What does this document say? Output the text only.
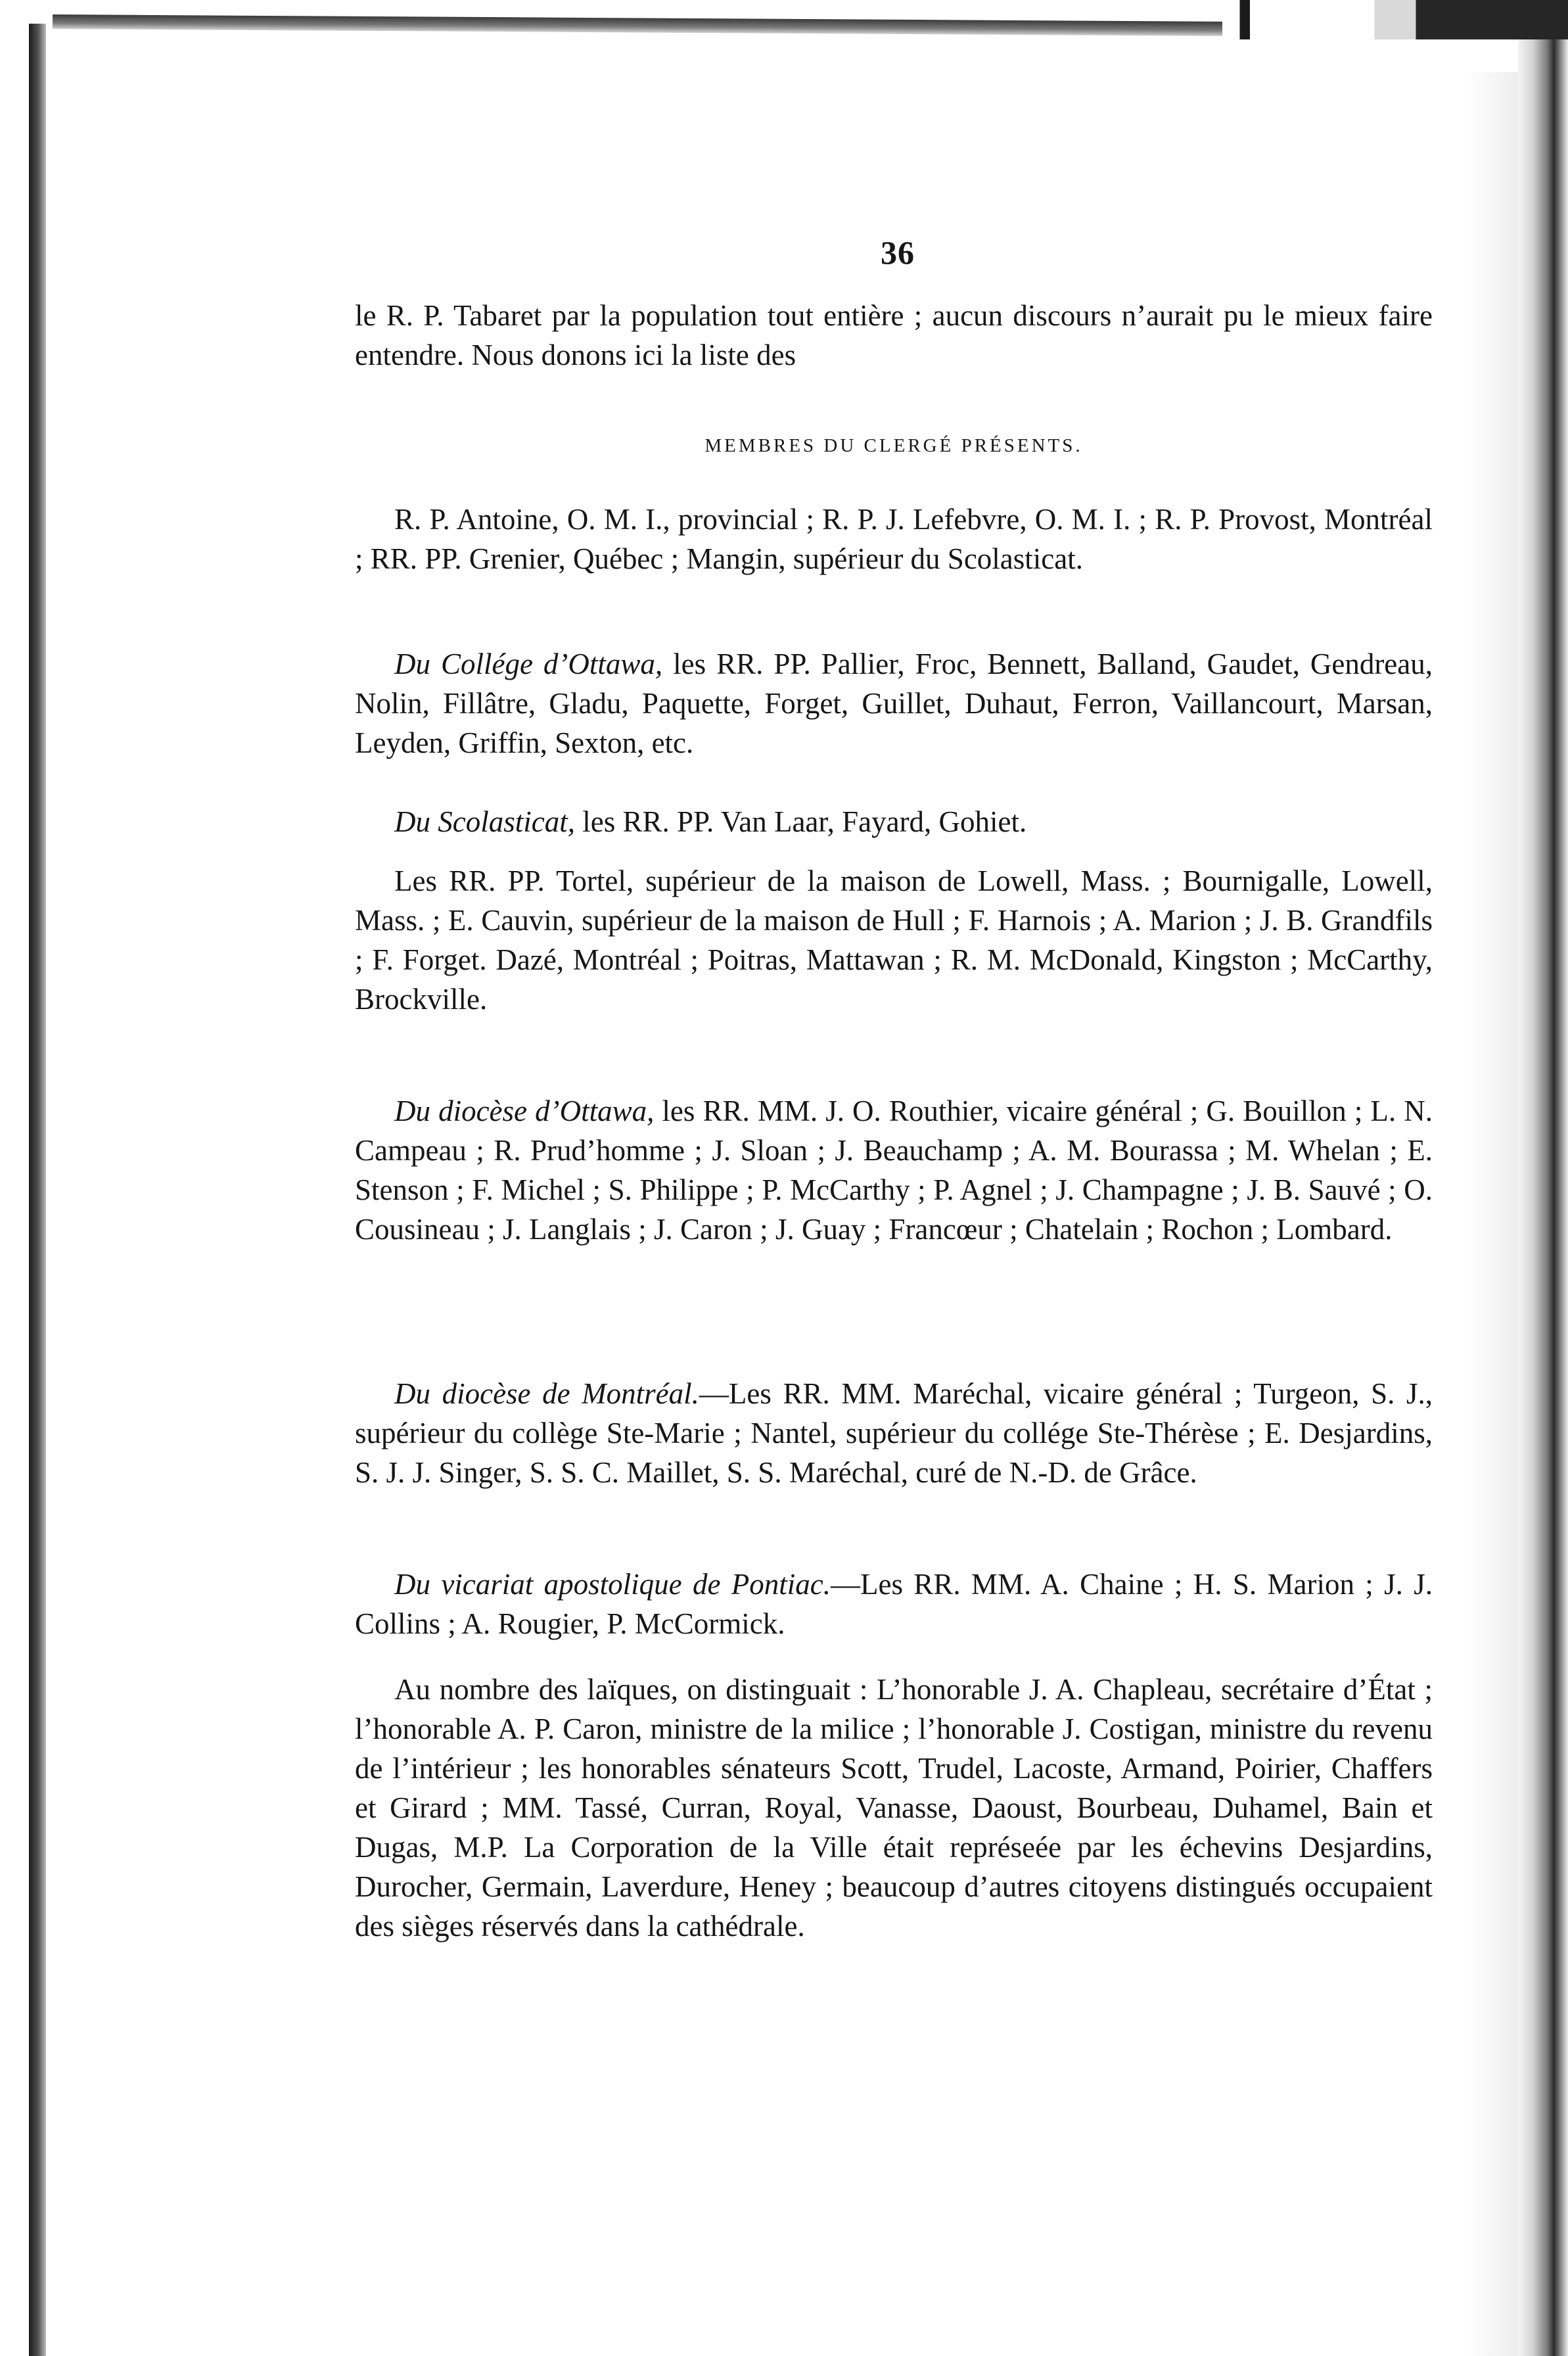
36
le R. P. Tabaret par la population tout entière ; aucun discours n’aurait pu le mieux faire entendre. Nous donons ici la liste des
MEMBRES DU CLERGÉ PRÉSENTS.
R. P. Antoine, O. M. I., provincial ; R. P. J. Lefebvre, O. M. I. ; R. P. Provost, Montréal ; RR. PP. Grenier, Québec ; Mangin, supérieur du Scolasticat.
Du Collége d’Ottawa, les RR. PP. Pallier, Froc, Bennett, Balland, Gaudet, Gendreau, Nolin, Fillâtre, Gladu, Paquette, Forget, Guillet, Duhaut, Ferron, Vaillancourt, Marsan, Leyden, Griffin, Sexton, etc.
Du Scolasticat, les RR. PP. Van Laar, Fayard, Gohiet.
Les RR. PP. Tortel, supérieur de la maison de Lowell, Mass. ; Bournigalle, Lowell, Mass. ; E. Cauvin, supérieur de la maison de Hull ; F. Harnois ; A. Marion ; J. B. Grandfils ; F. Forget. Dazé, Montréal ; Poitras, Mattawan ; R. M. McDonald, Kingston ; McCarthy, Brockville.
Du diocèse d’Ottawa, les RR. MM. J. O. Routhier, vicaire général ; G. Bouillon ; L. N. Campeau ; R. Prud’homme ; J. Sloan ; J. Beauchamp ; A. M. Bourassa ; M. Whelan ; E. Stenson ; F. Michel ; S. Philippe ; P. McCarthy ; P. Agnel ; J. Champagne ; J. B. Sauvé ; O. Cousineau ; J. Langlais ; J. Caron ; J. Guay ; Francœur ; Chatelain ; Rochon ; Lombard.
Du diocèse de Montréal.—Les RR. MM. Maréchal, vicaire général ; Turgeon, S. J., supérieur du collège Ste-Marie ; Nantel, supérieur du collége Ste-Thérèse ; E. Desjardins, S. J. J. Singer, S. S. C. Maillet, S. S. Maréchal, curé de N.-D. de Grâce.
Du vicariat apostolique de Pontiac.—Les RR. MM. A. Chaine ; H. S. Marion ; J. J. Collins ; A. Rougier, P. McCormick.
Au nombre des laïques, on distinguait : L’honorable J. A. Chapleau, secrétaire d’État ; l’honorable A. P. Caron, ministre de la milice ; l’honorable J. Costigan, ministre du revenu de l’intérieur ; les honorables sénateurs Scott, Trudel, Lacoste, Armand, Poirier, Chaffers et Girard ; MM. Tassé, Curran, Royal, Vanasse, Daoust, Bourbeau, Duhamel, Bain et Dugas, M.P. La Corporation de la Ville était représeée par les échevins Desjardins, Durocher, Germain, Laverdure, Heney ; beaucoup d’autres citoyens distingués occupaient des sièges réservés dans la cathédrale.
